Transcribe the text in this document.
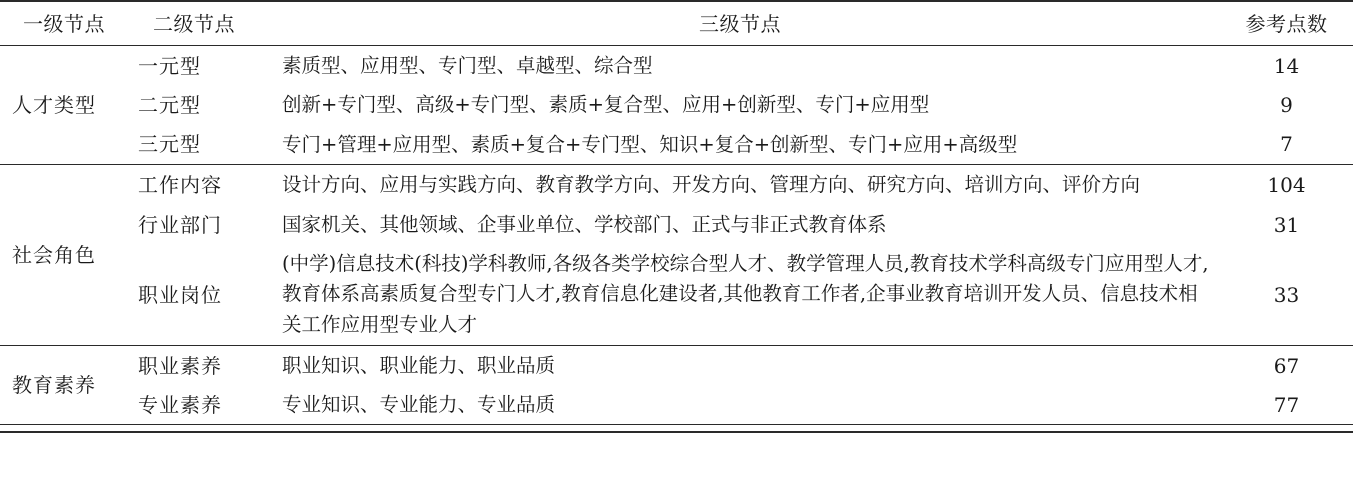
一级节点	二级节点	三级节点	参考点数
人才类型	一元型	素质型、应用型、专门型、卓越型、综合型	14
	二元型	创新+专门型、高级+专门型、素质+复合型、应用+创新型、专门+应用型	9
	三元型	专门+管理+应用型、素质+复合+专门型、知识+复合+创新型、专门+应用+高级型	7
社会角色	工作内容	设计方向、应用与实践方向、教育教学方向、开发方向、管理方向、研究方向、培训方向、评价方向	104
	行业部门	国家机关、其他领域、企事业单位、学校部门、正式与非正式教育体系	31
	职业岗位	(中学)信息技术(科技)学科教师,各级各类学校综合型人才、教学管理人员,教育技术学科高级专门应用型人才,教育体系高素质复合型专门人才,教育信息化建设者,其他教育工作者,企事业教育培训开发人员、信息技术相关工作应用型专业人才	33
教育素养	职业素养	职业知识、职业能力、职业品质	67
	专业素养	专业知识、专业能力、专业品质	77
